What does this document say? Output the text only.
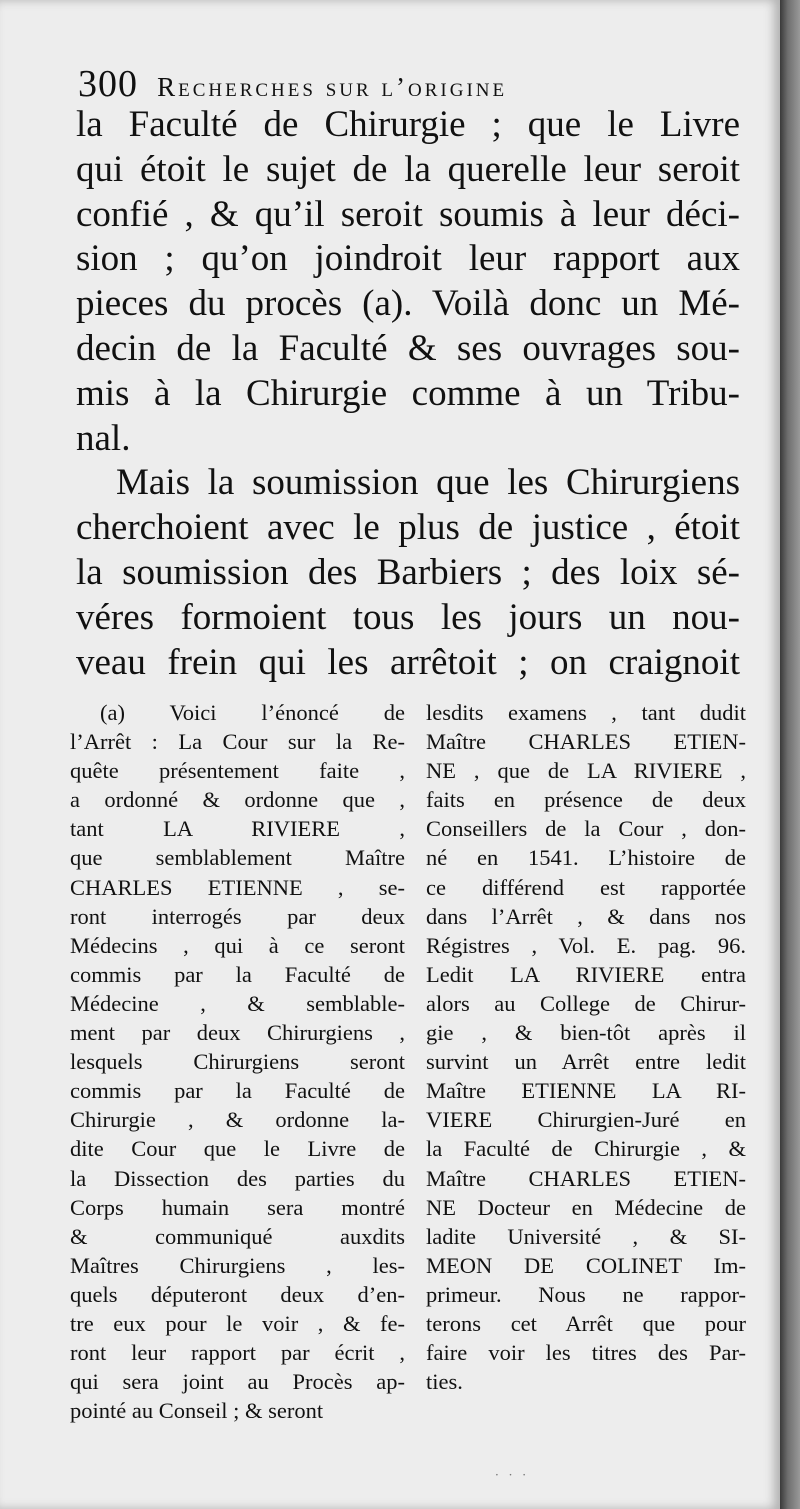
300 Recherches sur l’origine
la Faculté de Chirurgie ; que le Livre
qui étoit le sujet de la querelle leur seroit
confié , & qu’il seroit soumis à leur déci-
sion ; qu’on joindroit leur rapport aux
pieces du procès (a). Voilà donc un Mé-
decin de la Faculté & ses ouvrages sou-
mis à la Chirurgie comme à un Tribu-
nal.
Mais la soumission que les Chirurgiens
cherchoient avec le plus de justice , étoit
la soumission des Barbiers ; des loix sé-
véres formoient tous les jours un nou-
veau frein qui les arrêtoit ; on craignoit
(a) Voici l’énoncé de
l’Arrêt : La Cour sur la Re-
quête présentement faite ,
a ordonné & ordonne que ,
tant LA RIVIERE ,
que semblablement Maître
CHARLES ETIENNE , se-
ront interrogés par deux
Médecins , qui à ce seront
commis par la Faculté de
Médecine , & semblable-
ment par deux Chirurgiens ,
lesquels Chirurgiens seront
commis par la Faculté de
Chirurgie , & ordonne la-
dite Cour que le Livre de
la Dissection des parties du
Corps humain sera montré
& communiqué auxdits
Maîtres Chirurgiens , les-
quels députeront deux d’en-
tre eux pour le voir , & fe-
ront leur rapport par écrit ,
qui sera joint au Procès ap-
pointé au Conseil ; & seront
lesdits examens , tant dudit
Maître CHARLES ETIEN-
NE , que de LA RIVIERE ,
faits en présence de deux
Conseillers de la Cour , don-
né en 1541. L’histoire de
ce différend est rapportée
dans l’Arrêt , & dans nos
Régistres , Vol. E. pag. 96.
Ledit LA RIVIERE entra
alors au College de Chirur-
gie , & bien-tôt après il
survint un Arrêt entre ledit
Maître ETIENNE LA RI-
VIERE Chirurgien-Juré en
la Faculté de Chirurgie , &
Maître CHARLES ETIEN-
NE Docteur en Médecine de
ladite Université , & SI-
MEON DE COLINET Im-
primeur. Nous ne rappor-
terons cet Arrêt que pour
faire voir les titres des Par-
ties.
· · ·
